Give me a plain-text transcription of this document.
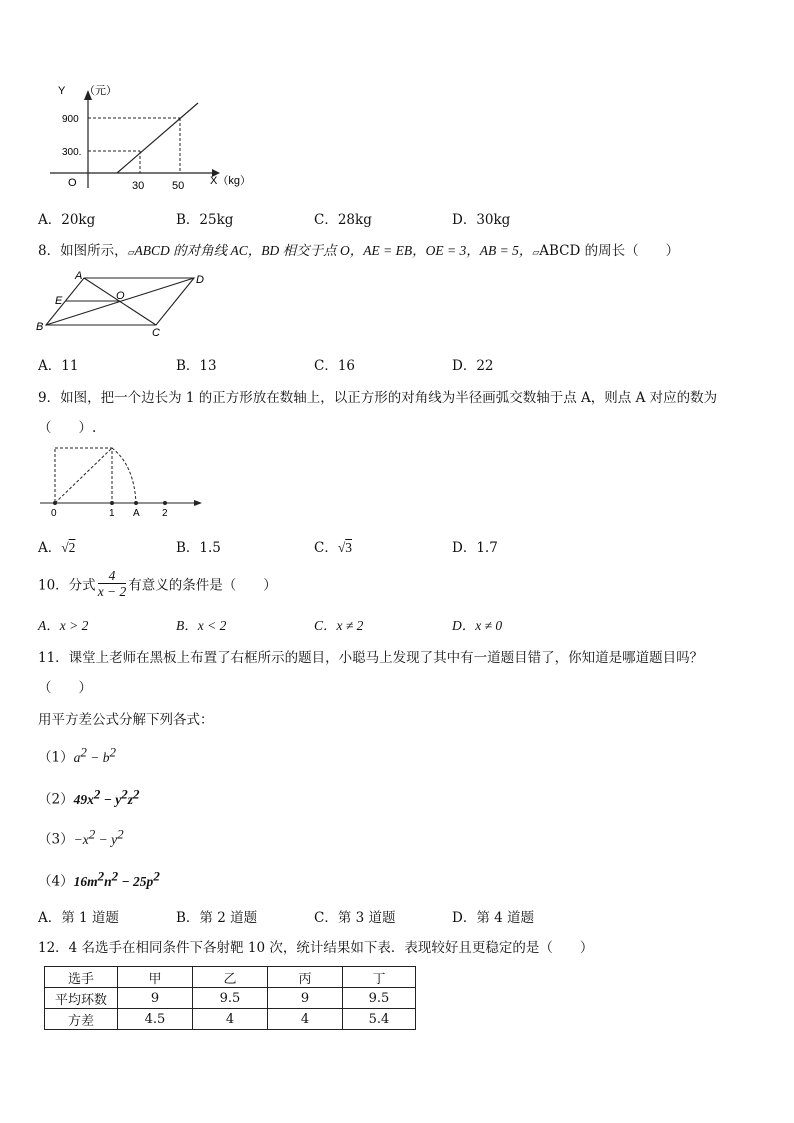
Y （元）
900
300.
O	30	50 X（kg）
A．20kg	B．25kg	C．28kg	D．30kg
8．如图所示，▱ABCD 的对角线 AC，BD 相交于点 O，AE = EB，OE = 3，AB = 5，▱ABCD 的周长（　　）
A	D
E	O
B	C
A．11	B．13	C．16	D．22
9．如图，把一个边长为 1 的正方形放在数轴上，以正方形的对角线为半径画弧交数轴于点 A，则点 A 对应的数为
（　　）.
0	1 A 2
A．√2	B．1.5	C．√3	D．1.7
10．分式 $\frac{4}{x - 2}$ 有意义的条件是（　　）
A．x > 2	B．x < 2	C．x ≠ 2	D．x ≠ 0
11．课堂上老师在黑板上布置了右框所示的题目，小聪马上发现了其中有一道题目错了，你知道是哪道题目吗？
（　　）
用平方差公式分解下列各式：
$(1)a^2 - b^2$
$(2)49x^2 - y^2z^2$
$(3)-x^2 - y^2$
$(4)16m^2n^2 - 25p^2$
A．第 1 道题	B．第 2 道题	C．第 3 道题	D．第 4 道题
12．4 名选手在相同条件下各射靶 10 次，统计结果如下表．表现较好且更稳定的是（　　）
选手	甲	乙	丙	丁
平均环数	9	9.5	9	9.5
方差	4.5	4	4	5.4
